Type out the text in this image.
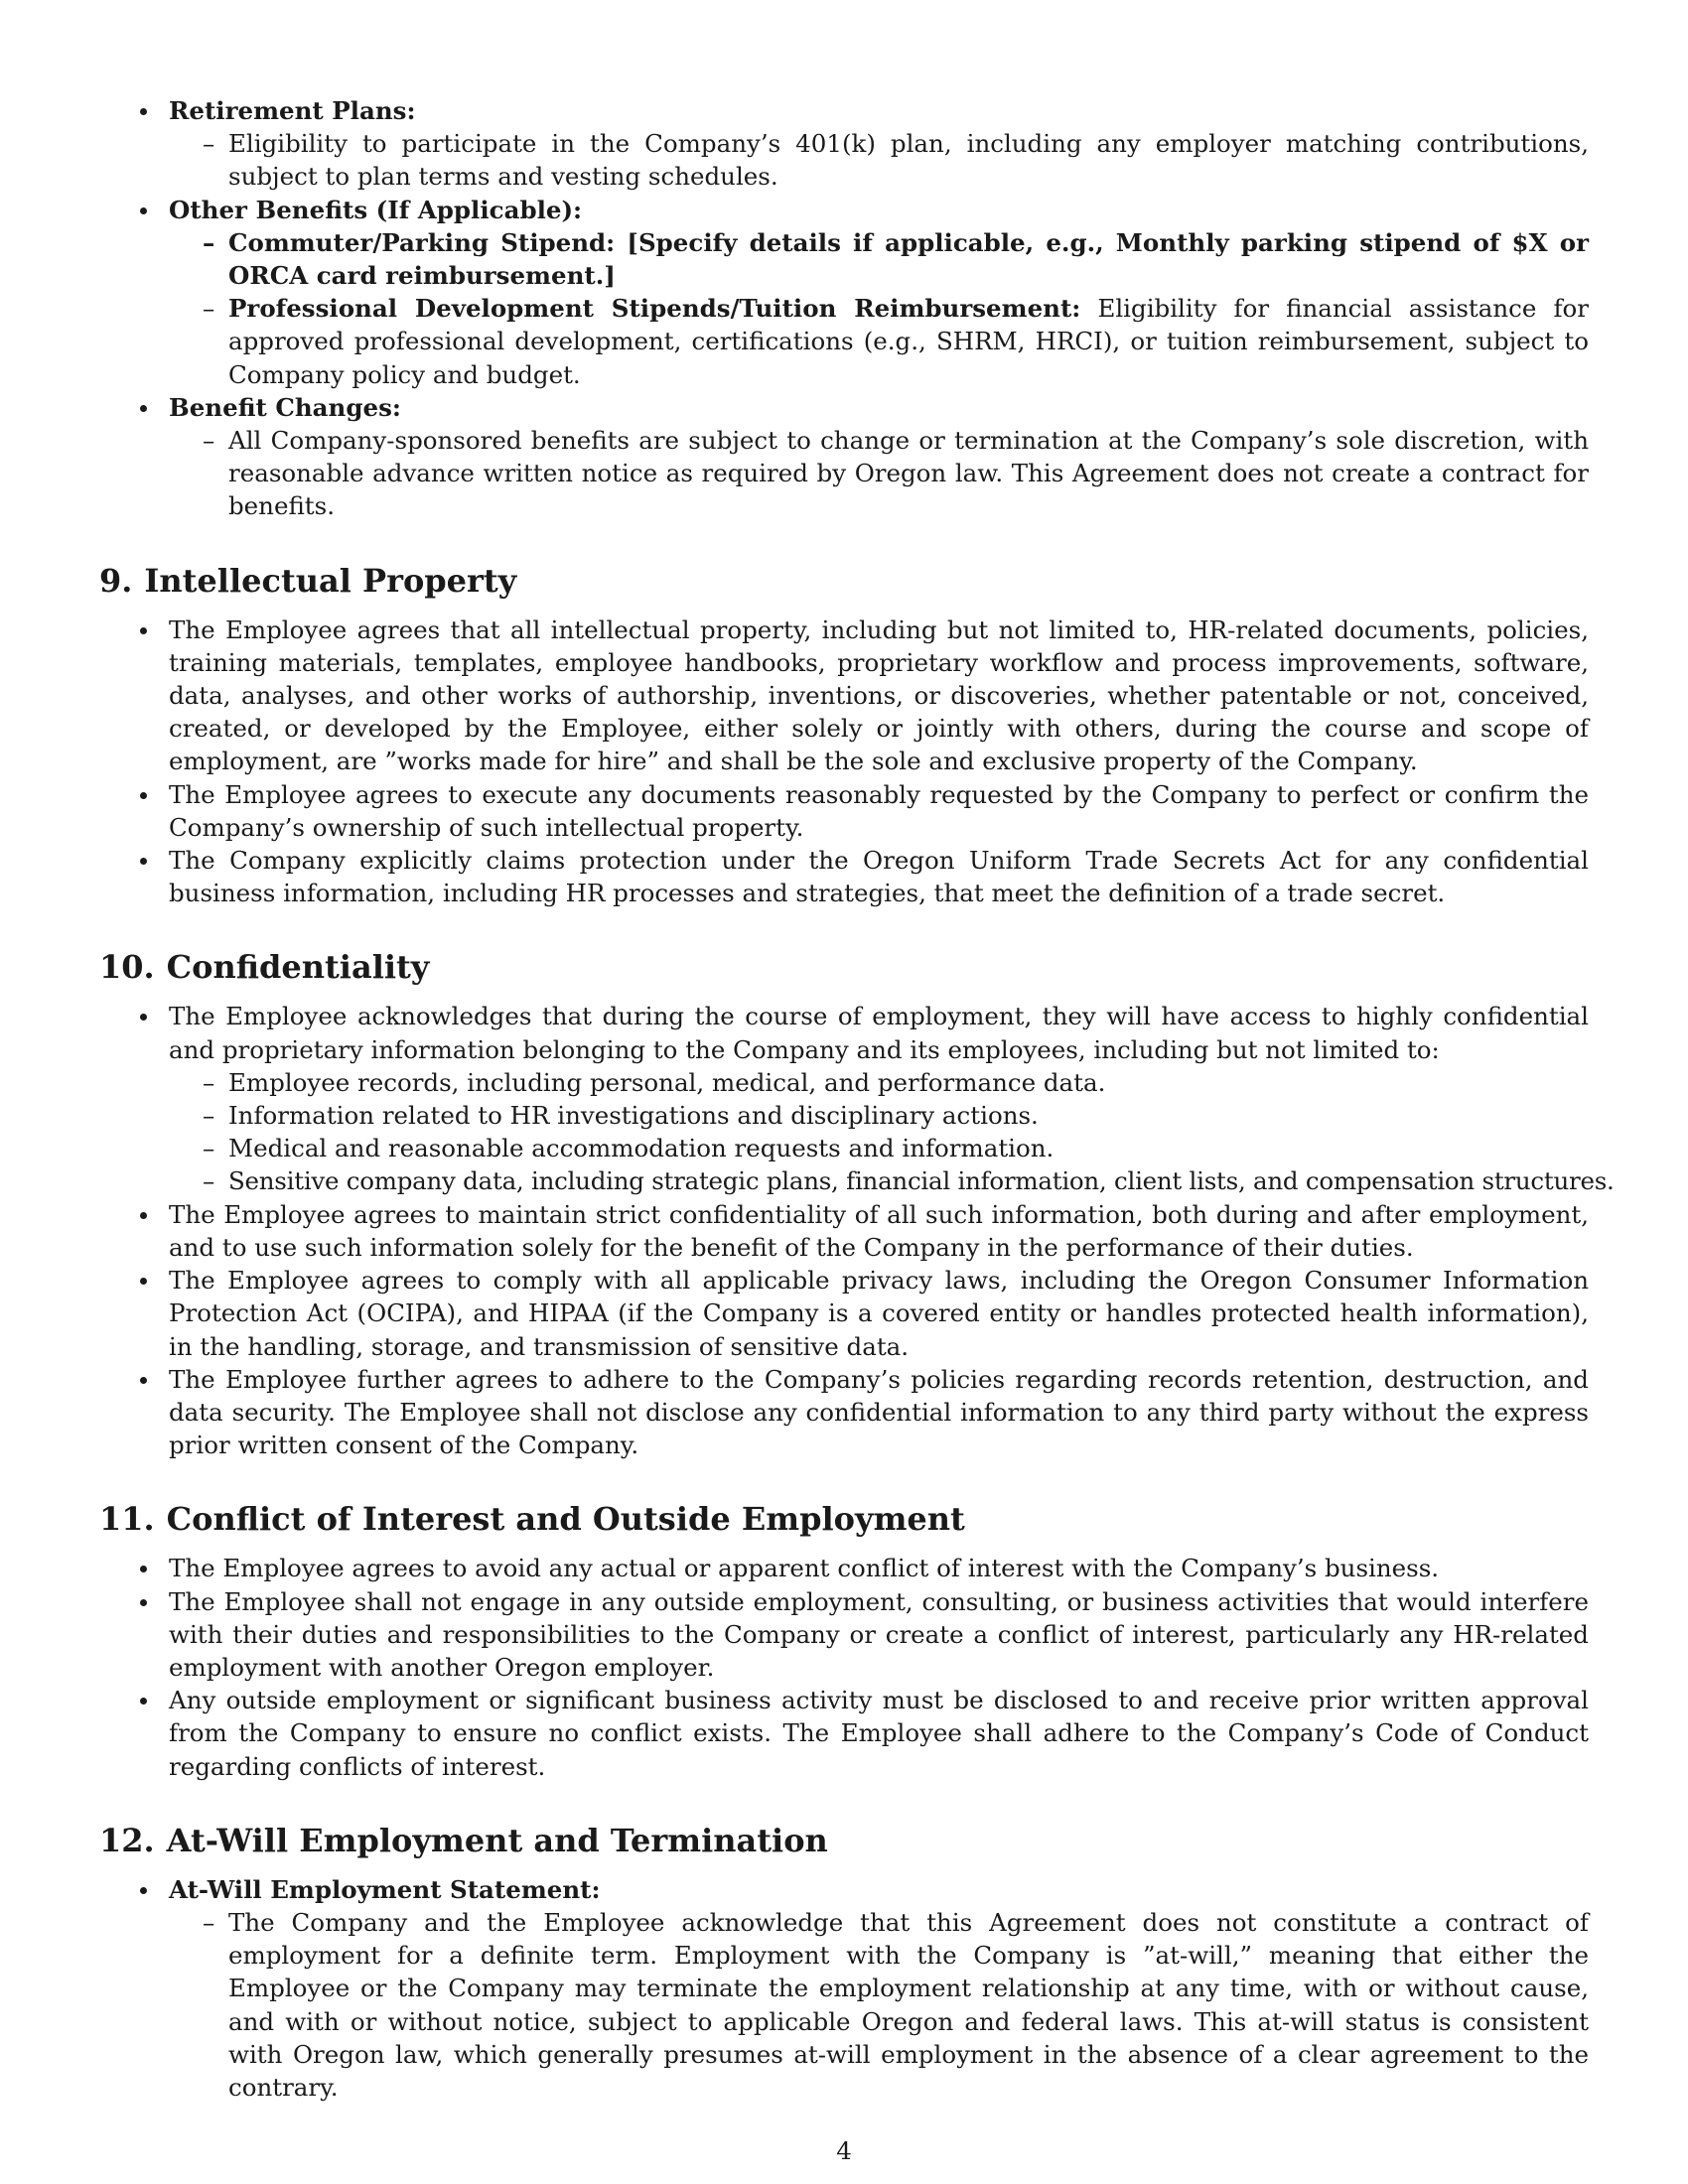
Retirement Plans:
– Eligibility to participate in the Company’s 401(k) plan, including any employer matching contributions, subject to plan terms and vesting schedules.
Other Benefits (If Applicable):
– Commuter/Parking Stipend: [Specify details if applicable, e.g., Monthly parking stipend of $X or ORCA card reimbursement.]
– Professional Development Stipends/Tuition Reimbursement: Eligibility for financial assistance for approved professional development, certifications (e.g., SHRM, HRCI), or tuition reimbursement, subject to Company policy and budget.
Benefit Changes:
– All Company-sponsored benefits are subject to change or termination at the Company’s sole discretion, with reasonable advance written notice as required by Oregon law. This Agreement does not create a contract for benefits.
9. Intellectual Property
The Employee agrees that all intellectual property, including but not limited to, HR-related documents, policies, training materials, templates, employee handbooks, proprietary workflow and process improvements, software, data, analyses, and other works of authorship, inventions, or discoveries, whether patentable or not, conceived, created, or developed by the Employee, either solely or jointly with others, during the course and scope of employment, are ”works made for hire” and shall be the sole and exclusive property of the Company.
The Employee agrees to execute any documents reasonably requested by the Company to perfect or confirm the Company’s ownership of such intellectual property.
The Company explicitly claims protection under the Oregon Uniform Trade Secrets Act for any confidential business information, including HR processes and strategies, that meet the definition of a trade secret.
10. Confidentiality
The Employee acknowledges that during the course of employment, they will have access to highly confidential and proprietary information belonging to the Company and its employees, including but not limited to:
– Employee records, including personal, medical, and performance data.
– Information related to HR investigations and disciplinary actions.
– Medical and reasonable accommodation requests and information.
– Sensitive company data, including strategic plans, financial information, client lists, and compensation structures.
The Employee agrees to maintain strict confidentiality of all such information, both during and after employment, and to use such information solely for the benefit of the Company in the performance of their duties.
The Employee agrees to comply with all applicable privacy laws, including the Oregon Consumer Information Protection Act (OCIPA), and HIPAA (if the Company is a covered entity or handles protected health information), in the handling, storage, and transmission of sensitive data.
The Employee further agrees to adhere to the Company’s policies regarding records retention, destruction, and data security. The Employee shall not disclose any confidential information to any third party without the express prior written consent of the Company.
11. Conflict of Interest and Outside Employment
The Employee agrees to avoid any actual or apparent conflict of interest with the Company’s business.
The Employee shall not engage in any outside employment, consulting, or business activities that would interfere with their duties and responsibilities to the Company or create a conflict of interest, particularly any HR-related employment with another Oregon employer.
Any outside employment or significant business activity must be disclosed to and receive prior written approval from the Company to ensure no conflict exists. The Employee shall adhere to the Company’s Code of Conduct regarding conflicts of interest.
12. At-Will Employment and Termination
At-Will Employment Statement:
– The Company and the Employee acknowledge that this Agreement does not constitute a contract of employment for a definite term. Employment with the Company is ”at-will,” meaning that either the Employee or the Company may terminate the employment relationship at any time, with or without cause, and with or without notice, subject to applicable Oregon and federal laws. This at-will status is consistent with Oregon law, which generally presumes at-will employment in the absence of a clear agreement to the contrary.
4
